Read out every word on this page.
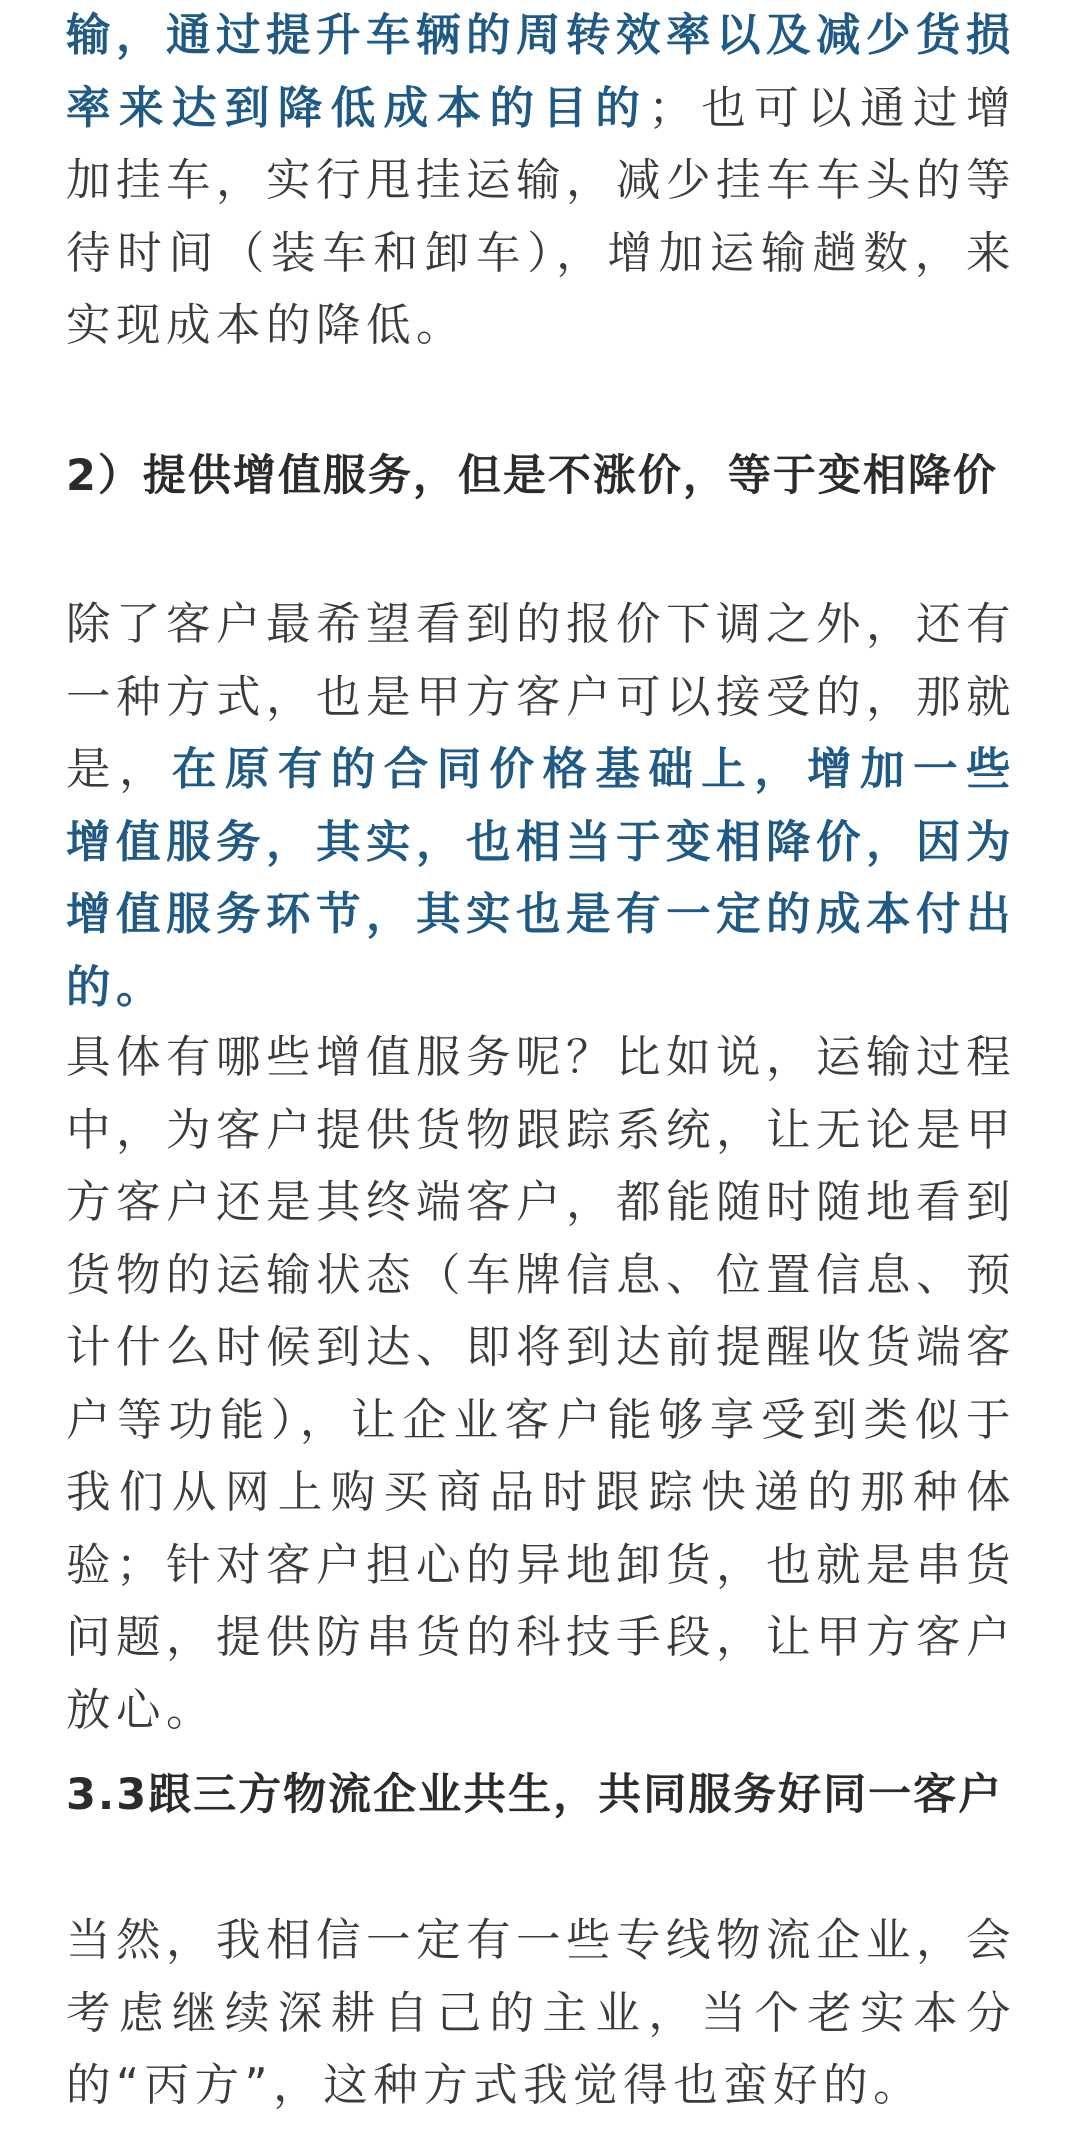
输，通过提升车辆的周转效率以及减少货损率来达到降低成本的目的；也可以通过增加挂车，实行甩挂运输，减少挂车车头的等待时间（装车和卸车），增加运输趟数，来实现成本的降低。

2）提供增值服务，但是不涨价，等于变相降价

除了客户最希望看到的报价下调之外，还有一种方式，也是甲方客户可以接受的，那就是，在原有的合同价格基础上，增加一些增值服务，其实，也相当于变相降价，因为增值服务环节，其实也是有一定的成本付出的。

具体有哪些增值服务呢？比如说，运输过程中，为客户提供货物跟踪系统，让无论是甲方客户还是其终端客户，都能随时随地看到货物的运输状态（车牌信息、位置信息、预计什么时候到达、即将到达前提醒收货端客户等功能），让企业客户能够享受到类似于我们从网上购买商品时跟踪快递的那种体验；针对客户担心的异地卸货，也就是串货问题，提供防串货的科技手段，让甲方客户放心。

3.3跟三方物流企业共生，共同服务好同一客户

当然，我相信一定有一些专线物流企业，会考虑继续深耕自己的主业，当个老实本分的“丙方”，这种方式我觉得也蛮好的。
